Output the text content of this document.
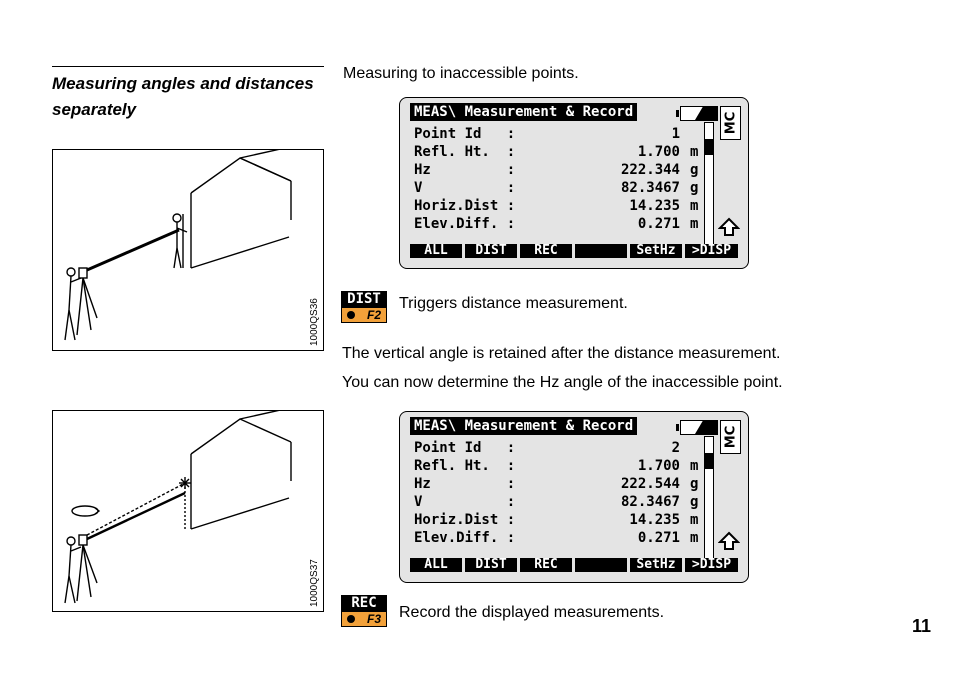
Measuring angles and distances separately
1000QS36
1000QS37
Measuring to inaccessible points.
MEAS\ Measurement & Record	MC
Point Id   :	1
Refl. Ht.  :	1.700 m
Hz         :	222.344 g
V          :	82.3467 g
Horiz.Dist :	14.235 m
Elev.Diff. :	0.271 m
ALL	DIST	REC	SetHz	>DISP
DIST
F2
Triggers distance measurement.
The vertical angle is retained after the distance measurement.
You can now determine the Hz angle of the inaccessible point.
MEAS\ Measurement & Record	MC
Point Id   :	2
Refl. Ht.  :	1.700 m
Hz         :	222.544 g
V          :	82.3467 g
Horiz.Dist :	14.235 m
Elev.Diff. :	0.271 m
ALL	DIST	REC	SetHz	>DISP
REC
F3 Record the displayed measurements.
11
